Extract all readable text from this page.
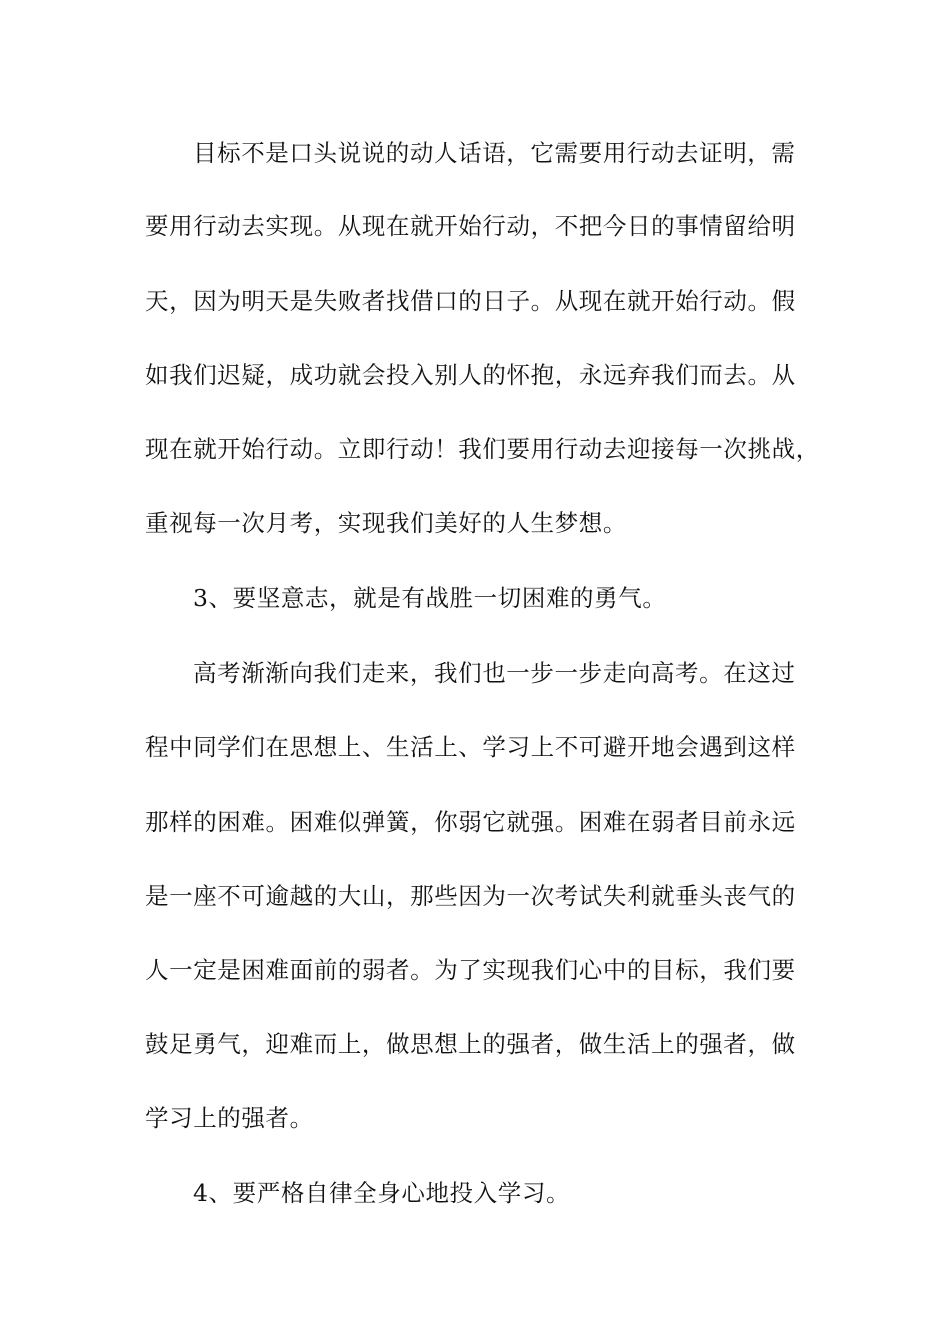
目标不是口头说说的动人话语，它需要用行动去证明，需
要用行动去实现。从现在就开始行动，不把今日的事情留给明
天，因为明天是失败者找借口的日子。从现在就开始行动。假
如我们迟疑，成功就会投入别人的怀抱，永远弃我们而去。从
现在就开始行动。立即行动！我们要用行动去迎接每一次挑战，
重视每一次月考，实现我们美好的人生梦想。
3、要坚意志，就是有战胜一切困难的勇气。
高考渐渐向我们走来，我们也一步一步走向高考。在这过
程中同学们在思想上、生活上、学习上不可避开地会遇到这样
那样的困难。困难似弹簧，你弱它就强。困难在弱者目前永远
是一座不可逾越的大山，那些因为一次考试失利就垂头丧气的
人一定是困难面前的弱者。为了实现我们心中的目标，我们要
鼓足勇气，迎难而上，做思想上的强者，做生活上的强者，做
学习上的强者。
4、要严格自律全身心地投入学习。
